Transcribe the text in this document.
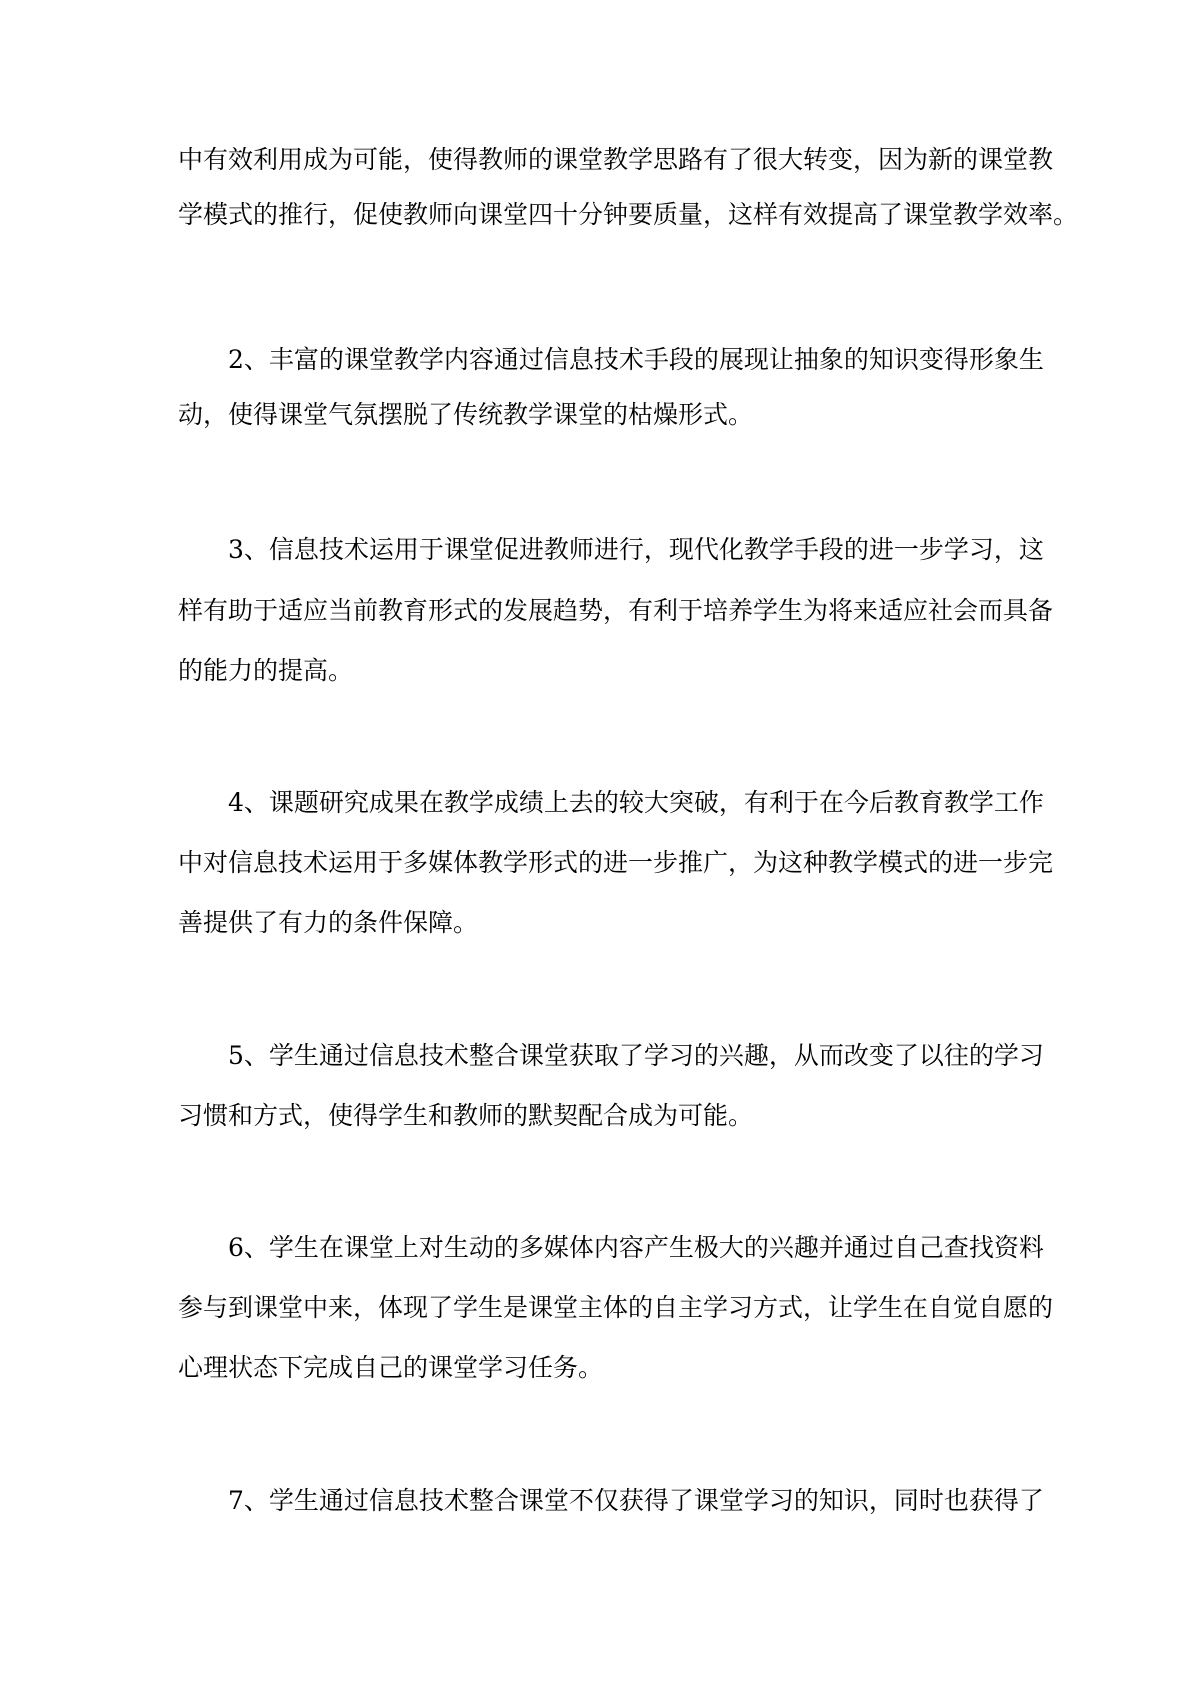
中有效利用成为可能，使得教师的课堂教学思路有了很大转变，因为新的课堂教
学模式的推行，促使教师向课堂四十分钟要质量，这样有效提高了课堂教学效率。
2、丰富的课堂教学内容通过信息技术手段的展现让抽象的知识变得形象生
动，使得课堂气氛摆脱了传统教学课堂的枯燥形式。
3、信息技术运用于课堂促进教师进行，现代化教学手段的进一步学习，这
样有助于适应当前教育形式的发展趋势，有利于培养学生为将来适应社会而具备
的能力的提高。
4、课题研究成果在教学成绩上去的较大突破，有利于在今后教育教学工作
中对信息技术运用于多媒体教学形式的进一步推广，为这种教学模式的进一步完
善提供了有力的条件保障。
5、学生通过信息技术整合课堂获取了学习的兴趣，从而改变了以往的学习
习惯和方式，使得学生和教师的默契配合成为可能。
6、学生在课堂上对生动的多媒体内容产生极大的兴趣并通过自己查找资料
参与到课堂中来，体现了学生是课堂主体的自主学习方式，让学生在自觉自愿的
心理状态下完成自己的课堂学习任务。
7、学生通过信息技术整合课堂不仅获得了课堂学习的知识，同时也获得了
